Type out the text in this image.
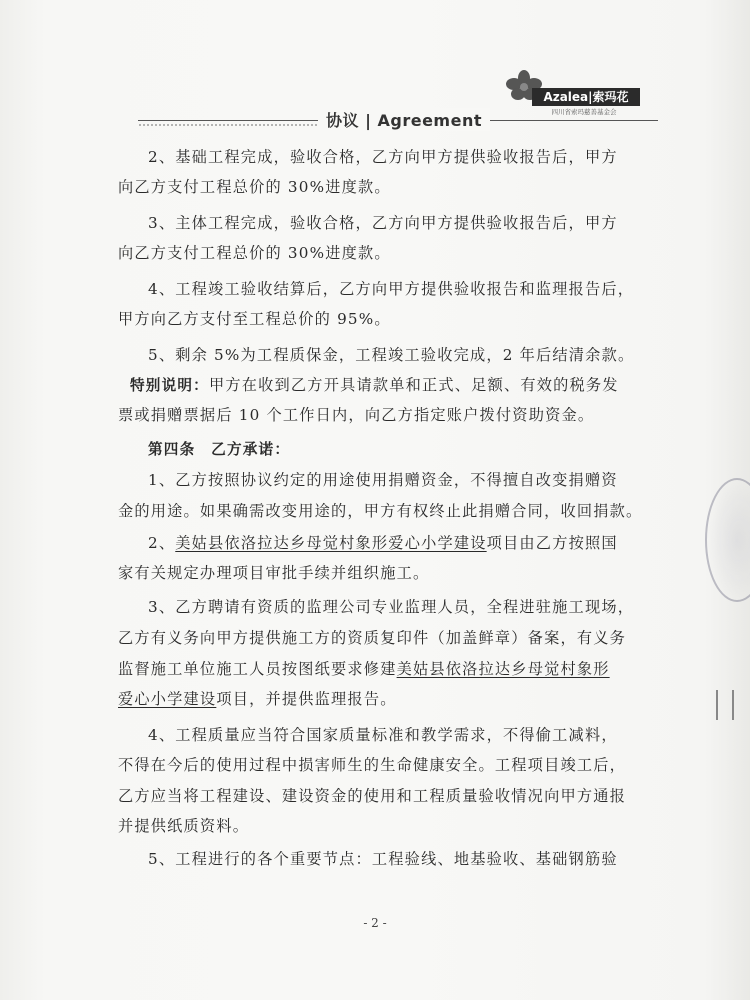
Azalea|索玛花
四川省索玛慈善基金会
协议 | Agreement
2、基础工程完成，验收合格，乙方向甲方提供验收报告后，甲方
向乙方支付工程总价的 30%进度款。
3、主体工程完成，验收合格，乙方向甲方提供验收报告后，甲方
向乙方支付工程总价的 30%进度款。
4、工程竣工验收结算后，乙方向甲方提供验收报告和监理报告后，
甲方向乙方支付至工程总价的 95%。
5、剩余 5%为工程质保金，工程竣工验收完成，2 年后结清余款。
特别说明：甲方在收到乙方开具请款单和正式、足额、有效的税务发
票或捐赠票据后 10 个工作日内，向乙方指定账户拨付资助资金。
第四条　乙方承诺：
1、乙方按照协议约定的用途使用捐赠资金，不得擅自改变捐赠资
金的用途。如果确需改变用途的，甲方有权终止此捐赠合同，收回捐款。
2、美姑县依洛拉达乡母觉村象形爱心小学建设项目由乙方按照国
家有关规定办理项目审批手续并组织施工。
3、乙方聘请有资质的监理公司专业监理人员，全程进驻施工现场，
乙方有义务向甲方提供施工方的资质复印件（加盖鲜章）备案，有义务
监督施工单位施工人员按图纸要求修建美姑县依洛拉达乡母觉村象形
爱心小学建设项目，并提供监理报告。
4、工程质量应当符合国家质量标准和教学需求，不得偷工减料，
不得在今后的使用过程中损害师生的生命健康安全。工程项目竣工后，
乙方应当将工程建设、建设资金的使用和工程质量验收情况向甲方通报
并提供纸质资料。
5、工程进行的各个重要节点：工程验线、地基验收、基础钢筋验
- 2 -
